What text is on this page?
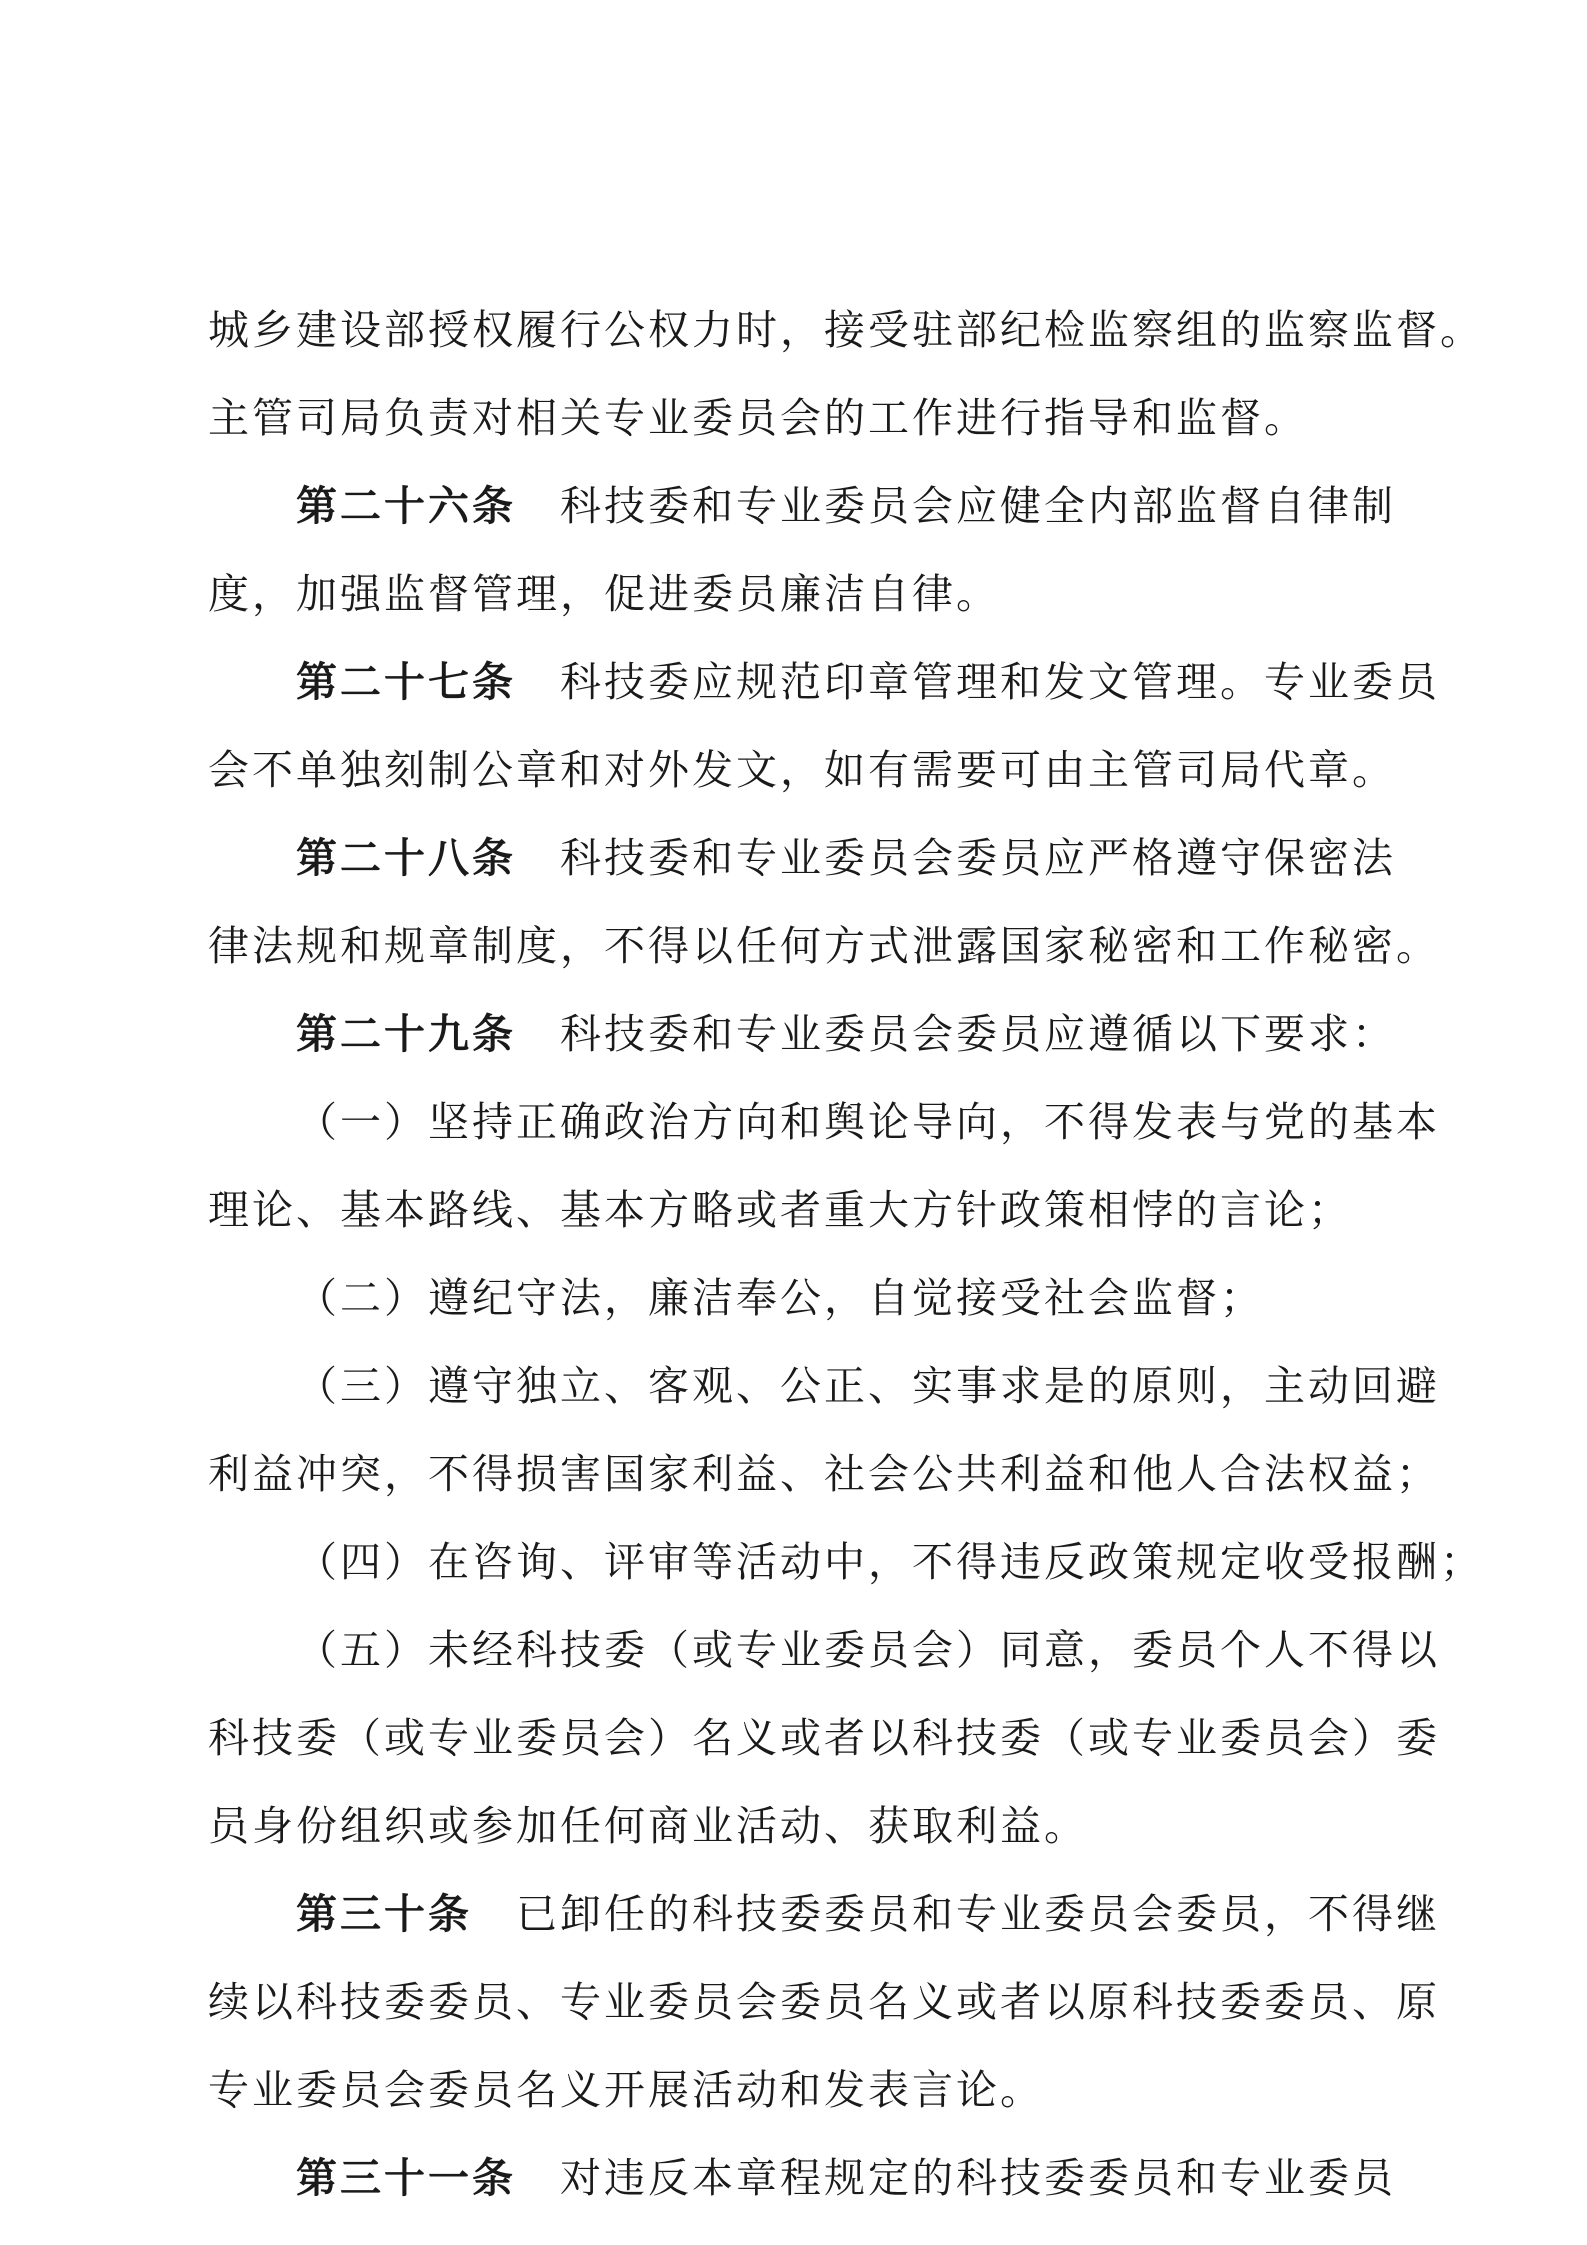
城乡建设部授权履行公权力时，接受驻部纪检监察组的监察监督。
主管司局负责对相关专业委员会的工作进行指导和监督。
第二十六条 科技委和专业委员会应健全内部监督自律制
度，加强监督管理，促进委员廉洁自律。
第二十七条 科技委应规范印章管理和发文管理。专业委员
会不单独刻制公章和对外发文，如有需要可由主管司局代章。
第二十八条 科技委和专业委员会委员应严格遵守保密法
律法规和规章制度，不得以任何方式泄露国家秘密和工作秘密。
第二十九条 科技委和专业委员会委员应遵循以下要求：
（一）坚持正确政治方向和舆论导向，不得发表与党的基本
理论、基本路线、基本方略或者重大方针政策相悖的言论；
（二）遵纪守法，廉洁奉公，自觉接受社会监督；
（三）遵守独立、客观、公正、实事求是的原则，主动回避
利益冲突，不得损害国家利益、社会公共利益和他人合法权益；
（四）在咨询、评审等活动中，不得违反政策规定收受报酬；
（五）未经科技委（或专业委员会）同意，委员个人不得以
科技委（或专业委员会）名义或者以科技委（或专业委员会）委
员身份组织或参加任何商业活动、获取利益。
第三十条 已卸任的科技委委员和专业委员会委员，不得继
续以科技委委员、专业委员会委员名义或者以原科技委委员、原
专业委员会委员名义开展活动和发表言论。
第三十一条 对违反本章程规定的科技委委员和专业委员
